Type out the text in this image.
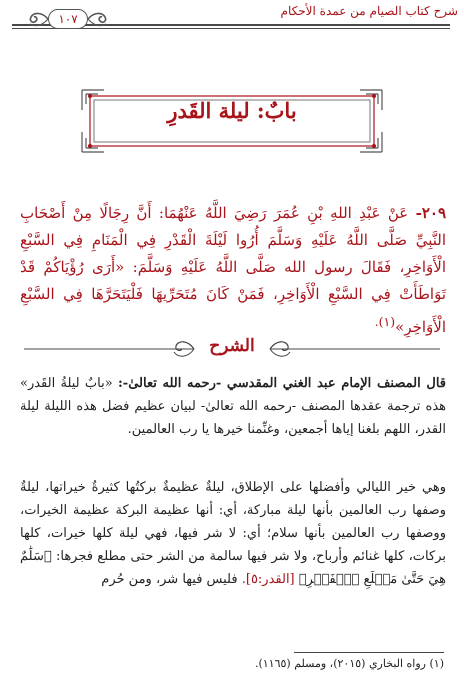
شرح كتاب الصيام من عمدة الأحكام
١٠٧
بابٌ: ليلة القَدرِ
٢٠٩- عَنْ عَبْدِ اللهِ بْنِ عُمَرَ رَضِيَ اللَّهُ عَنْهُمَا: أَنَّ رِجَالًا مِنْ أَصْحَابِ النَّبِيِّ صَلَّى اللَّهُ عَلَيْهِ وَسَلَّمَ أُرُوا لَيْلَةَ الْقَدْرِ فِي الْمَنَامِ فِي السَّبْعِ الْأَوَاخِرِ، فَقَالَ رسول الله صَلَّى اللَّهُ عَلَيْهِ وَسَلَّمَ: «أَرَى رُؤْيَاكُمْ قَدْ تَوَاطَأَتْ فِي السَّبْعِ الْأَوَاخِرِ، فَمَنْ كَانَ مُتَحَرِّيهَا فَلْيَتَحَرَّهَا فِي السَّبْعِ الْأَوَاخِرِ»$^{(١).}$
الشرح
قال المصنف الإمام عبد الغني المقدسي -رحمه الله تعالىٰ-: «بابٌ ليلةُ القَدر» هذه ترجمة عقدها المصنف -رحمه الله تعالىٰ- لبيان عظيم فضل هذه الليلة ليلة القدر، اللهم بلغنا إياها أجمعين، وغنِّمنا خيرها يا رب العالمين.
وهي خير الليالي وأفضلها على الإطلاق، ليلةٌ عظيمةٌ بركتُها كثيرةٌ خيراتها، ليلةٌ وصفها رب العالمين بأنها ليلة مباركة، أي: أنها عظيمة البركة عظيمة الخيرات، ووصفها رب العالمين بأنها سلام؛ أي: لا شر فيها، فهي ليلة كلها خيرات، كلها بركات، كلها غنائم وأرباح، ولا شر فيها سالمة من الشر حتى مطلع فجرها: ﴿سَلَٰمٌ هِيَ حَتَّىٰ مَطۡلَعِ ٱلۡفَجۡرِ﴾ [القدر:٥]. فليس فيها شر، ومن حُرم
(١) رواه البخاري (٢٠١٥)، ومسلم (١١٦٥).
